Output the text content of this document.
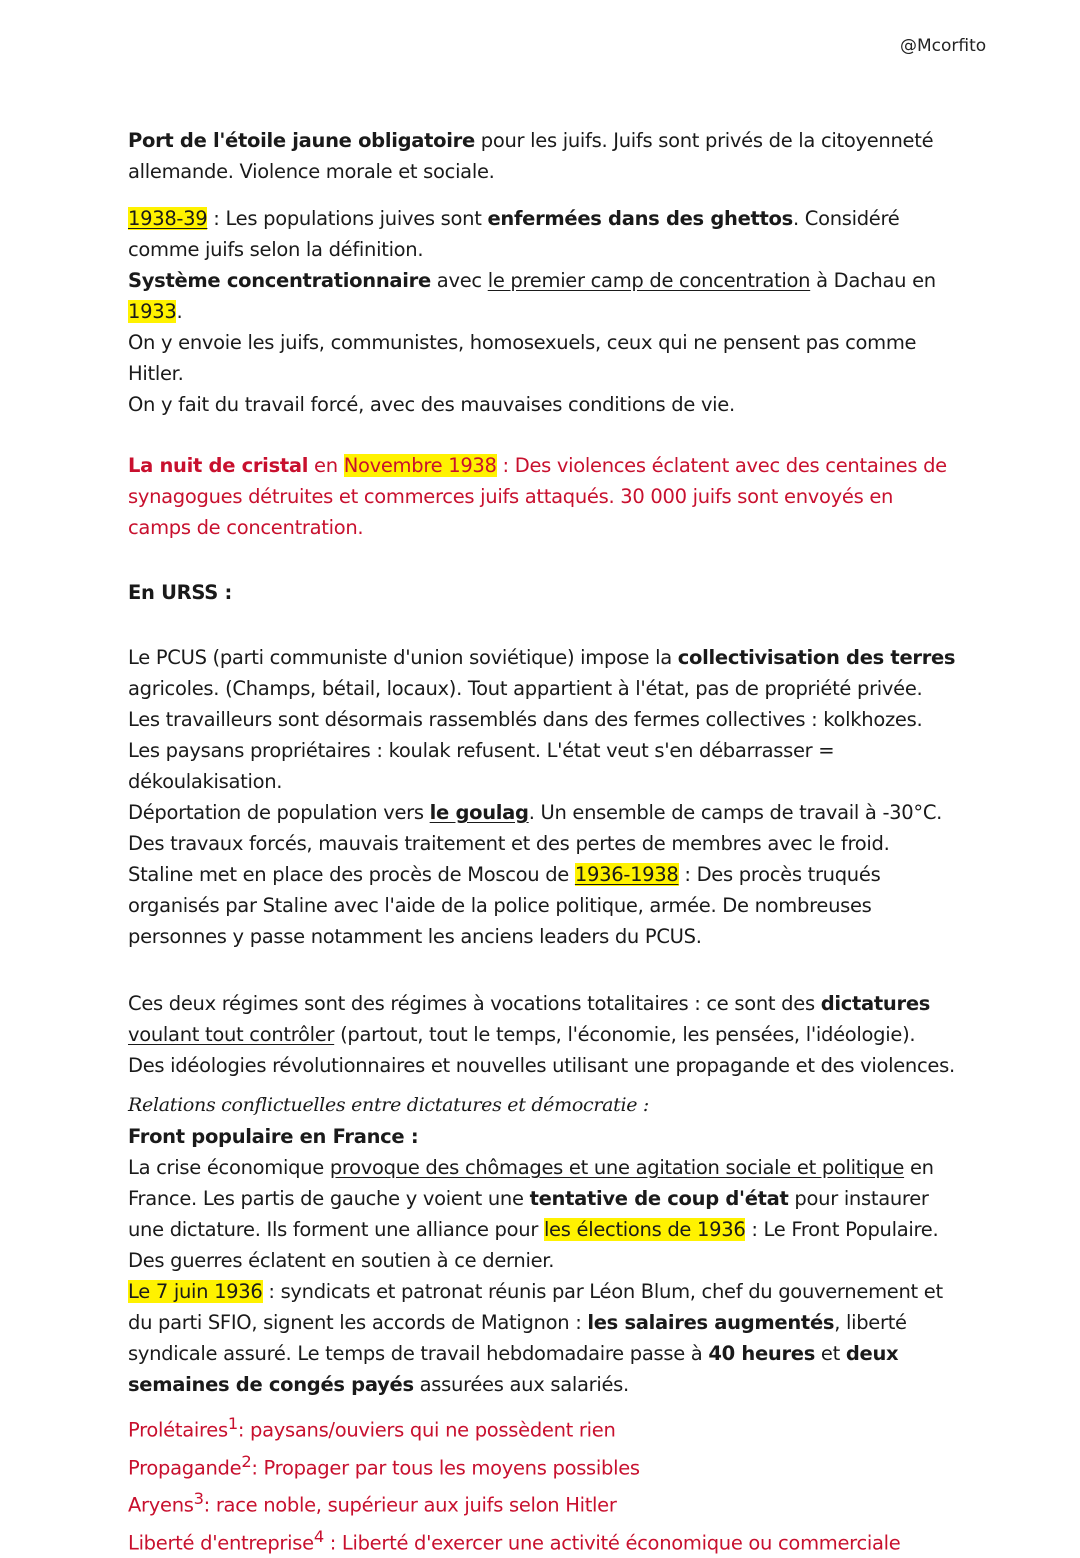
@Mcorfito

Port de l'étoile jaune obligatoire pour les juifs. Juifs sont privés de la citoyenneté allemande. Violence morale et sociale.

1938-39 : Les populations juives sont enfermées dans des ghettos. Considéré comme juifs selon la définition.

Système concentrationnaire avec le premier camp de concentration à Dachau en 1933.
On y envoie les juifs, communistes, homosexuels, ceux qui ne pensent pas comme Hitler.
On y fait du travail forcé, avec des mauvaises conditions de vie.

La nuit de cristal en Novembre 1938 : Des violences éclatent avec des centaines de synagogues détruites et commerces juifs attaqués. 30 000 juifs sont envoyés en camps de concentration.

En URSS :

Le PCUS (parti communiste d'union soviétique) impose la collectivisation des terres agricoles. (Champs, bétail, locaux). Tout appartient à l'état, pas de propriété privée.
Les travailleurs sont désormais rassemblés dans des fermes collectives : kolkhozes.
Les paysans propriétaires : koulak refusent. L'état veut s'en débarrasser = dékoulakisation.
Déportation de population vers le goulag. Un ensemble de camps de travail à -30°C.
Des travaux forcés, mauvais traitement et des pertes de membres avec le froid.
Staline met en place des procès de Moscou de 1936-1938 : Des procès truqués organisés par Staline avec l'aide de la police politique, armée. De nombreuses personnes y passe notamment les anciens leaders du PCUS.

Ces deux régimes sont des régimes à vocations totalitaires : ce sont des dictatures voulant tout contrôler (partout, tout le temps, l'économie, les pensées, l'idéologie).
Des idéologies révolutionnaires et nouvelles utilisant une propagande et des violences.

Relations conflictuelles entre dictatures et démocratie :

Front populaire en France :

La crise économique provoque des chômages et une agitation sociale et politique en France. Les partis de gauche y voient une tentative de coup d'état pour instaurer une dictature. Ils forment une alliance pour les élections de 1936 : Le Front Populaire.
Des guerres éclatent en soutien à ce dernier.
Le 7 juin 1936 : syndicats et patronat réunis par Léon Blum, chef du gouvernement et du parti SFIO, signent les accords de Matignon : les salaires augmentés, liberté syndicale assuré. Le temps de travail hebdomadaire passe à 40 heures et deux semaines de congés payés assurées aux salariés.

Prolétaires$^1$: paysans/ouviers qui ne possèdent rien

Propagande$^2$: Propager par tous les moyens possibles

Aryens$^3$: race noble, supérieur aux juifs selon Hitler

Liberté d'entreprise$^4$ : Liberté d'exercer une activité économique ou commerciale
